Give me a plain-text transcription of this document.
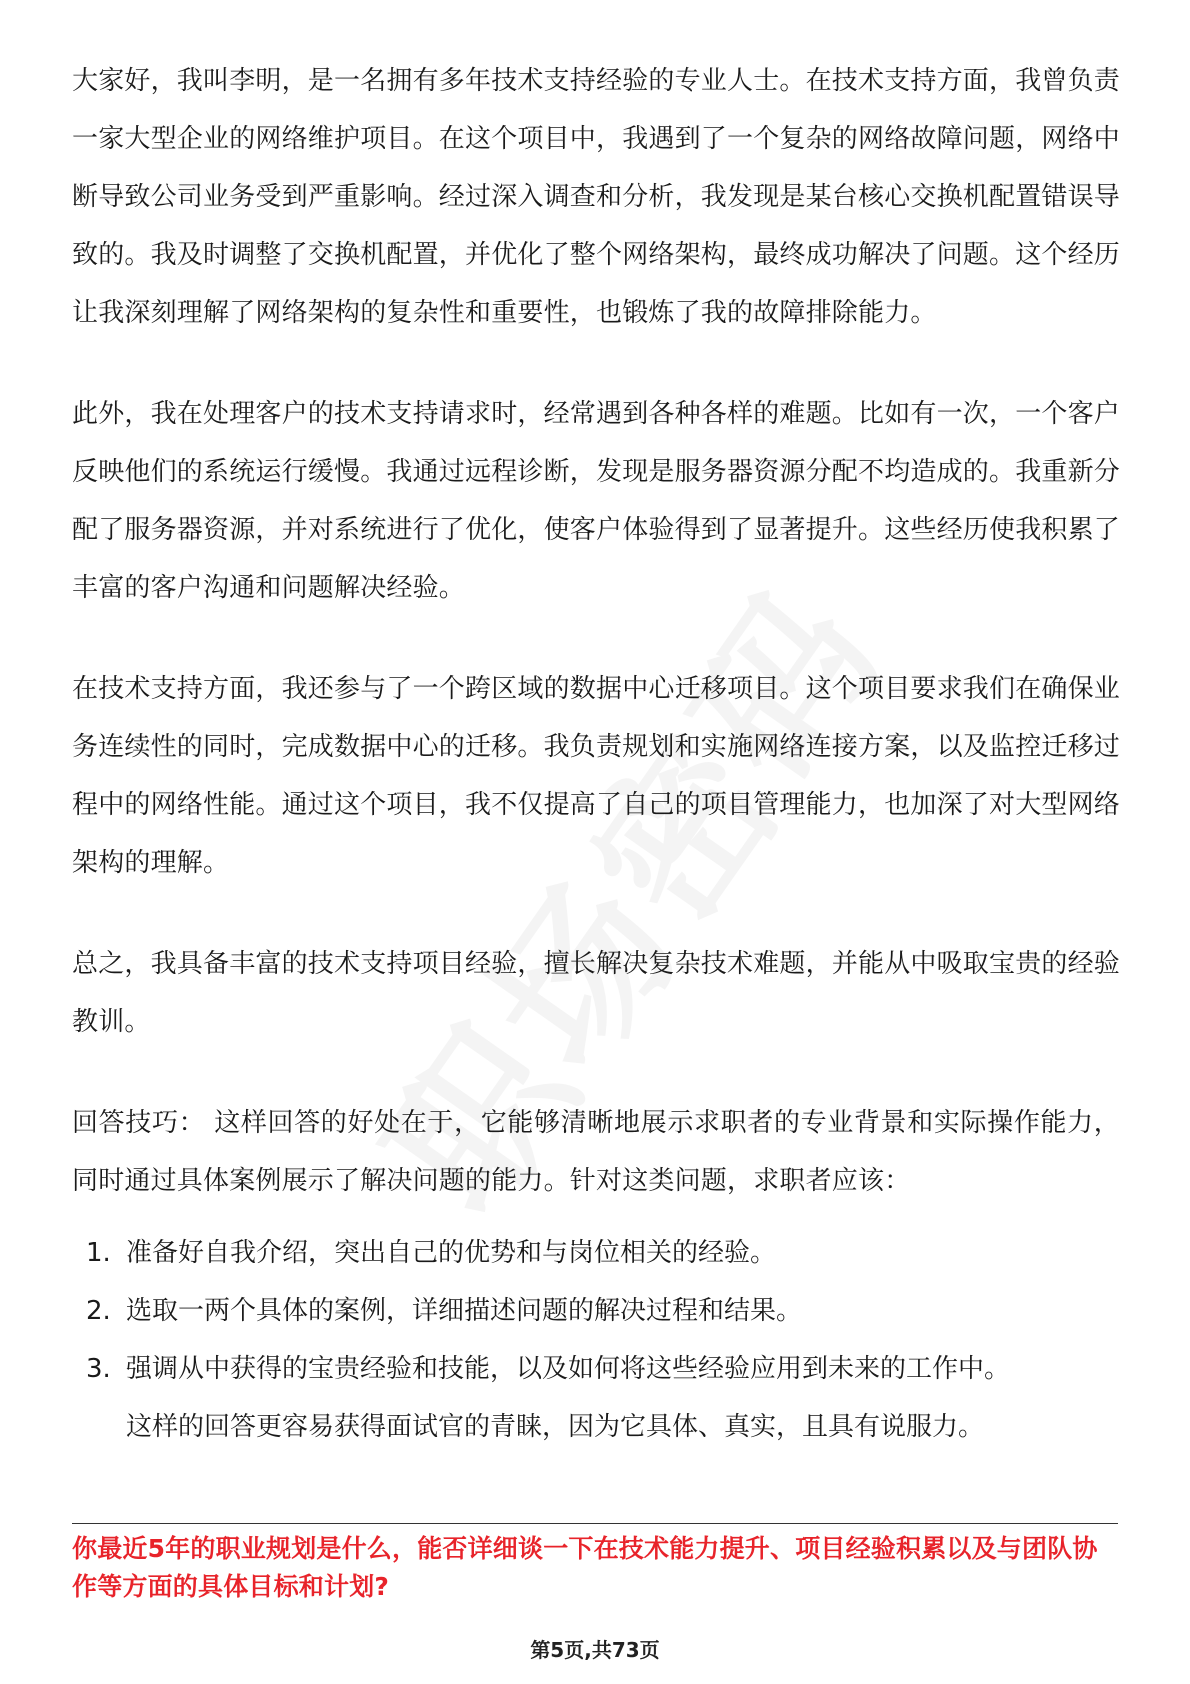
大家好，我叫李明，是一名拥有多年技术支持经验的专业人士。在技术支持方面，我曾负责一家大型企业的网络维护项目。在这个项目中，我遇到了一个复杂的网络故障问题，网络中断导致公司业务受到严重影响。经过深入调查和分析，我发现是某台核心交换机配置错误导致的。我及时调整了交换机配置，并优化了整个网络架构，最终成功解决了问题。这个经历让我深刻理解了网络架构的复杂性和重要性，也锻炼了我的故障排除能力。

此外，我在处理客户的技术支持请求时，经常遇到各种各样的难题。比如有一次，一个客户反映他们的系统运行缓慢。我通过远程诊断，发现是服务器资源分配不均造成的。我重新分配了服务器资源，并对系统进行了优化，使客户体验得到了显著提升。这些经历使我积累了丰富的客户沟通和问题解决经验。

在技术支持方面，我还参与了一个跨区域的数据中心迁移项目。这个项目要求我们在确保业务连续性的同时，完成数据中心的迁移。我负责规划和实施网络连接方案，以及监控迁移过程中的网络性能。通过这个项目，我不仅提高了自己的项目管理能力，也加深了对大型网络架构的理解。

总之，我具备丰富的技术支持项目经验，擅长解决复杂技术难题，并能从中吸取宝贵的经验教训。

回答技巧： 这样回答的好处在于，它能够清晰地展示求职者的专业背景和实际操作能力，同时通过具体案例展示了解决问题的能力。针对这类问题，求职者应该：

1. 准备好自我介绍，突出自己的优势和与岗位相关的经验。
2. 选取一两个具体的案例，详细描述问题的解决过程和结果。
3. 强调从中获得的宝贵经验和技能，以及如何将这些经验应用到未来的工作中。
这样的回答更容易获得面试官的青睐，因为它具体、真实，且具有说服力。
你最近5年的职业规划是什么，能否详细谈一下在技术能力提升、项目经验积累以及与团队协作等方面的具体目标和计划?
第5页,共73页
